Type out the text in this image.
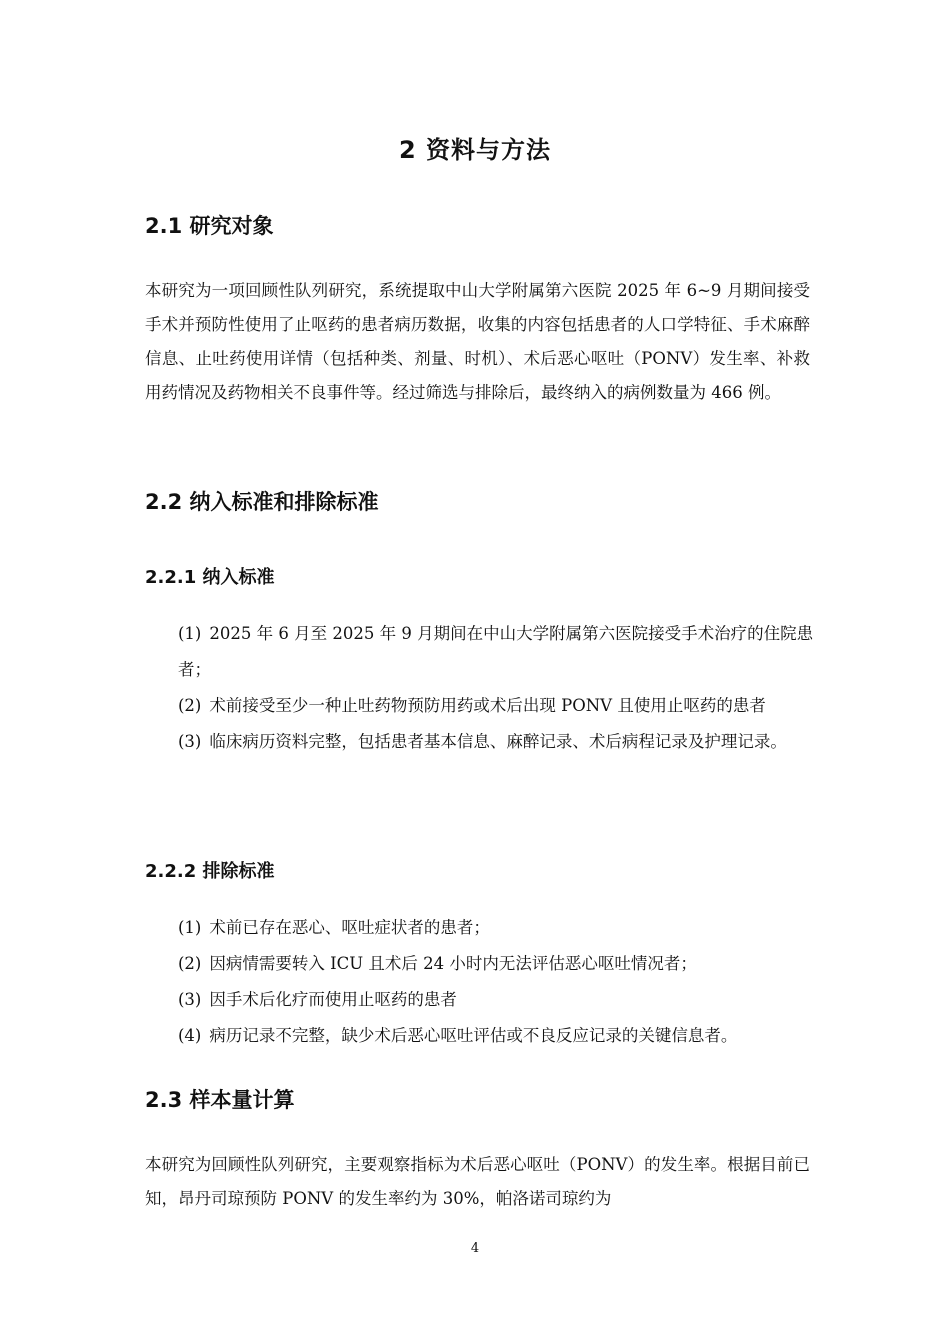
2 资料与方法
2.1 研究对象
本研究为一项回顾性队列研究，系统提取中山大学附属第六医院 2025 年 6~9 月期间接受手术并预防性使用了止呕药的患者病历数据，收集的内容包括患者的人口学特征、手术麻醉信息、止吐药使用详情（包括种类、剂量、时机）、术后恶心呕吐（PONV）发生率、补救用药情况及药物相关不良事件等。经过筛选与排除后，最终纳入的病例数量为 466 例。
2.2 纳入标准和排除标准
2.2.1 纳入标准
(1) 2025 年 6 月至 2025 年 9 月期间在中山大学附属第六医院接受手术治疗的住院患者；
(2) 术前接受至少一种止吐药物预防用药或术后出现 PONV 且使用止呕药的患者
(3) 临床病历资料完整，包括患者基本信息、麻醉记录、术后病程记录及护理记录。
2.2.2 排除标准
(1) 术前已存在恶心、呕吐症状者的患者；
(2) 因病情需要转入 ICU 且术后 24 小时内无法评估恶心呕吐情况者；
(3) 因手术后化疗而使用止呕药的患者
(4) 病历记录不完整，缺少术后恶心呕吐评估或不良反应记录的关键信息者。
2.3 样本量计算
本研究为回顾性队列研究，主要观察指标为术后恶心呕吐（PONV）的发生率。根据目前已知，昂丹司琼预防 PONV 的发生率约为 30%，帕洛诺司琼约为
4
